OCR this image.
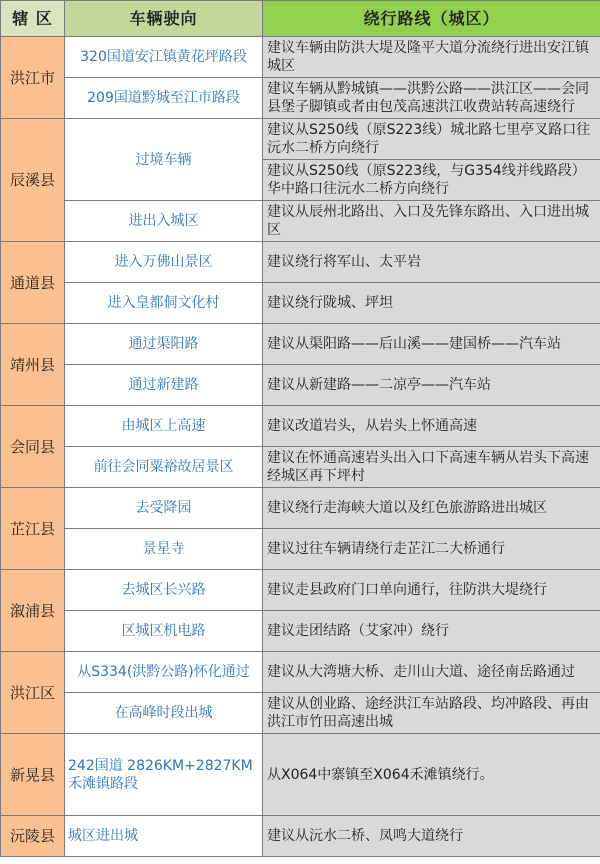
辖 区	车辆驶向	绕行路线（城区）
洪江市	320国道安江镇黄花坪路段	建议车辆由防洪大堤及隆平大道分流绕行进出安江镇城区
	209国道黔城至江市路段	建议车辆从黔城镇——洪黔公路——洪江区——会同县堡子脚镇或者由包茂高速洪江收费站转高速绕行
辰溪县	过境车辆	建议从S250线（原S223线）城北路七里亭叉路口往沅水二桥方向绕行
		建议从S250线（原S223线，与G354线并线路段）华中路口往沅水二桥方向绕行
	进出入城区	建议从辰州北路出、入口及先锋东路出、入口进出城区
通道县	进入万佛山景区	建议绕行将军山、太平岩
	进入皇都侗文化村	建议绕行陇城、坪坦
靖州县	通过渠阳路	建议从渠阳路——后山溪——建国桥——汽车站
	通过新建路	建议从新建路——二凉亭——汽车站
会同县	由城区上高速	建议改道岩头，从岩头上怀通高速
	前往会同粟裕故居景区	建议在怀通高速岩头出入口下高速车辆从岩头下高速经城区再下坪村
芷江县	去受降园	建议绕行走海峡大道以及红色旅游路进出城区
	景星寺	建议过往车辆请绕行走芷江二大桥通行
溆浦县	去城区长兴路	建议走县政府门口单向通行，往防洪大堤绕行
	区城区机电路	建议走团结路（艾家冲）绕行
洪江区	从S334(洪黔公路)怀化通过	建议从大湾塘大桥、走川山大道、途径南岳路通过
	在高峰时段出城	建议从创业路、途经洪江车站路段、均冲路段、再由洪江市竹田高速出城
新晃县	242国道 2826KM+2827KM禾滩镇路段	从X064中寨镇至X064禾滩镇绕行。
沅陵县	城区进出城	建议从沅水二桥、凤鸣大道绕行
